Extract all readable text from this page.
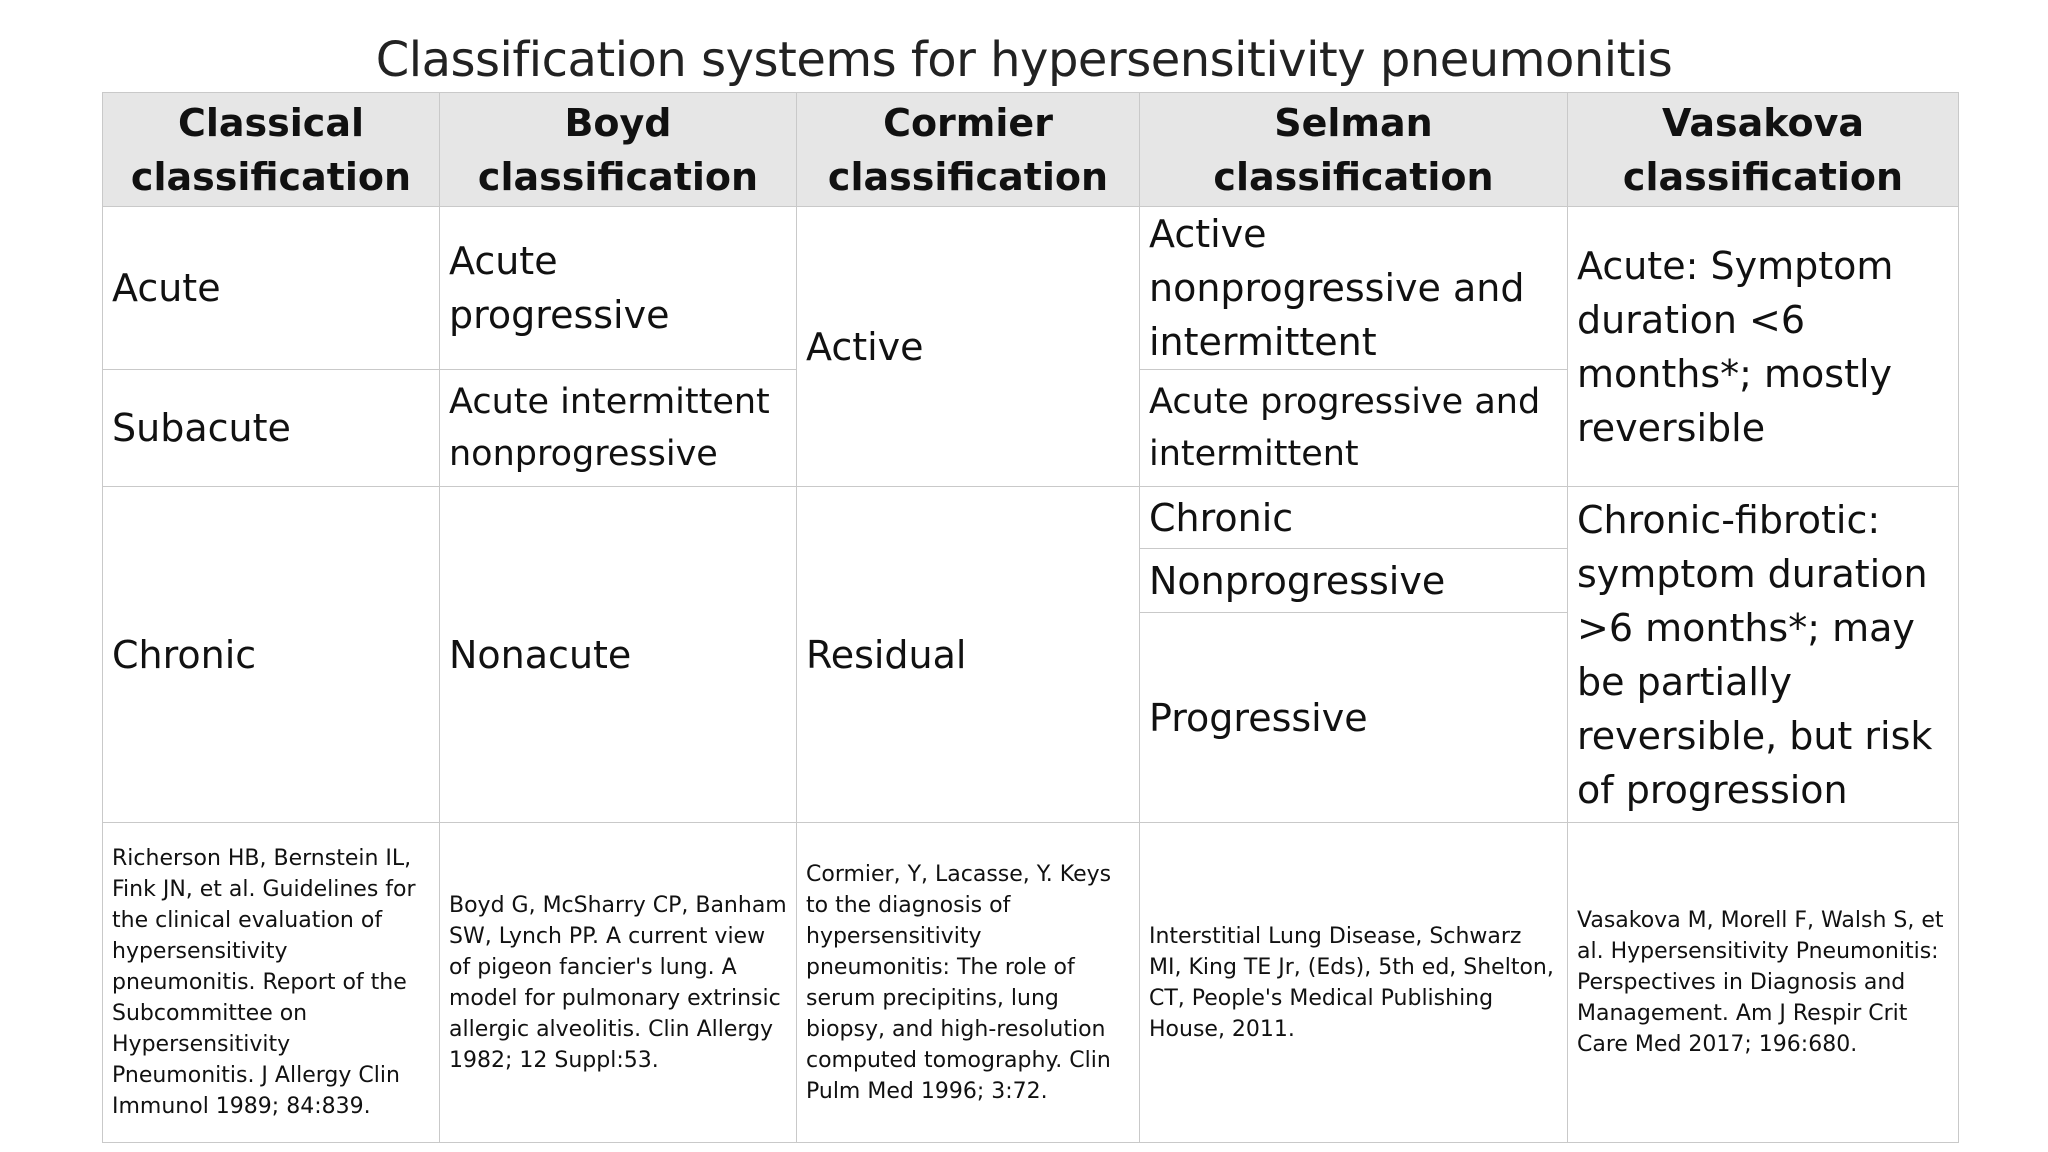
Classification systems for hypersensitivity pneumonitis
Classical classification	Boyd classification	Cormier classification	Selman classification	Vasakova classification
Acute	Acute progressive	Active	Active nonprogressive and intermittent	Acute: Symptom duration <6 months*; mostly reversible
Subacute	Acute intermittent nonprogressive		Acute progressive and intermittent	
Chronic	Nonacute	Residual	Chronic	Chronic-fibrotic: symptom duration >6 months*; may be partially reversible, but risk of progression
			Nonprogressive	
			Progressive	
Richerson HB, Bernstein IL, Fink JN, et al. Guidelines for the clinical evaluation of hypersensitivity pneumonitis. Report of the Subcommittee on Hypersensitivity Pneumonitis. J Allergy Clin Immunol 1989; 84:839.	Boyd G, McSharry CP, Banham SW, Lynch PP. A current view of pigeon fancier's lung. A model for pulmonary extrinsic allergic alveolitis. Clin Allergy 1982; 12 Suppl:53.	Cormier, Y, Lacasse, Y. Keys to the diagnosis of hypersensitivity pneumonitis: The role of serum precipitins, lung biopsy, and high-resolution computed tomography. Clin Pulm Med 1996; 3:72.	Interstitial Lung Disease, Schwarz MI, King TE Jr, (Eds), 5th ed, Shelton, CT, People's Medical Publishing House, 2011.	Vasakova M, Morell F, Walsh S, et al. Hypersensitivity Pneumonitis: Perspectives in Diagnosis and Management. Am J Respir Crit Care Med 2017; 196:680.
